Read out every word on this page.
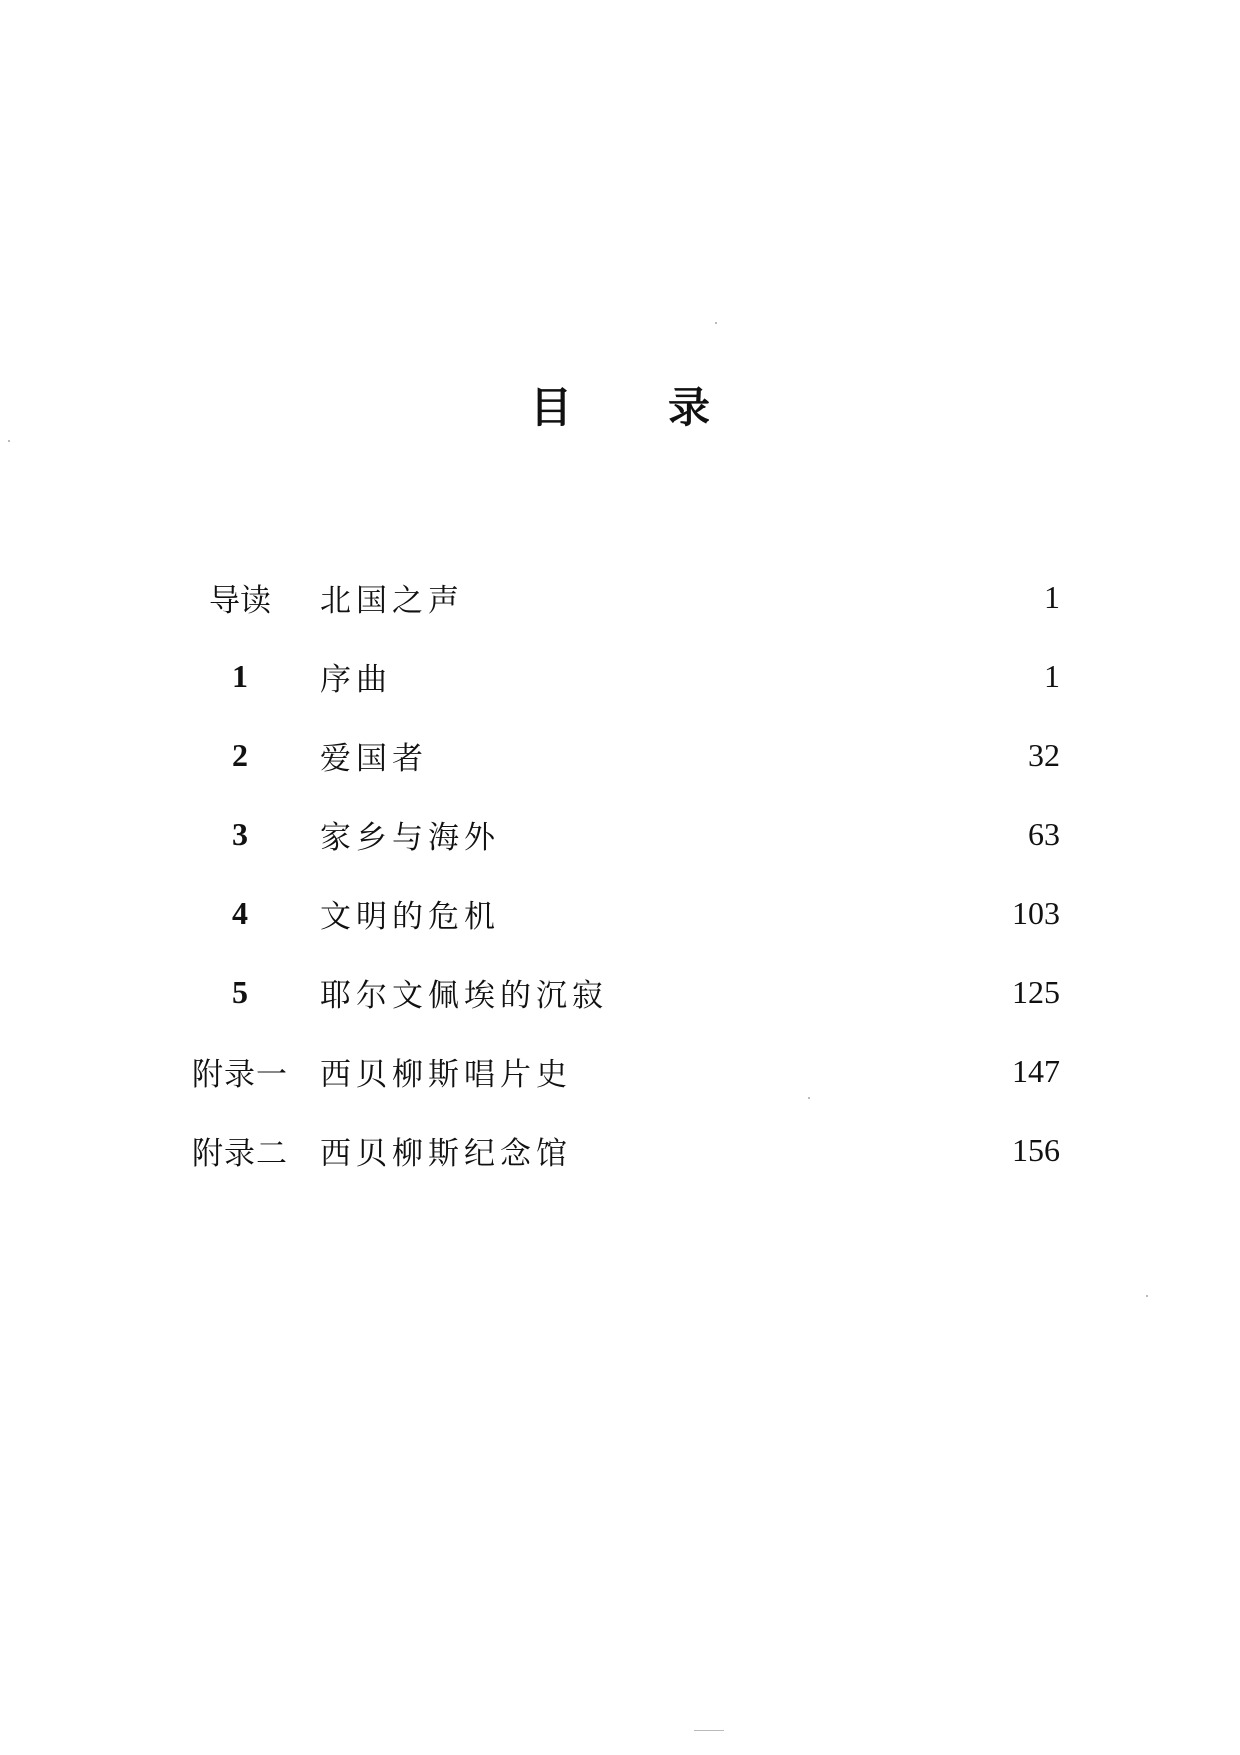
目 录
导读	北国之声	1
1	序曲	1
2	爱国者	32
3	家乡与海外	63
4	文明的危机	103
5	耶尔文佩埃的沉寂	125
附录一	西贝柳斯唱片史	147
附录二	西贝柳斯纪念馆	156
